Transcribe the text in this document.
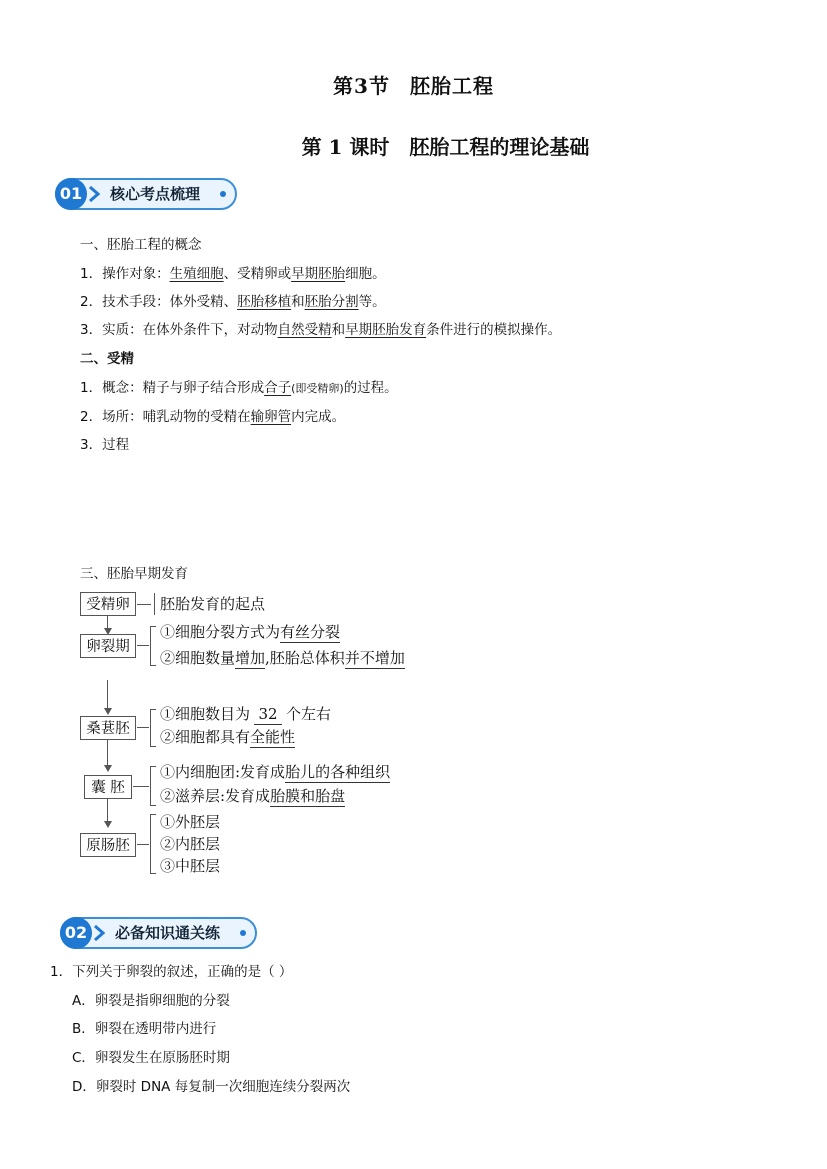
第3节 胚胎工程
第 1 课时 胚胎工程的理论基础
01	核心考点梳理
一、胚胎工程的概念
1．操作对象：生殖细胞、受精卵或早期胚胎细胞。
2．技术手段：体外受精、胚胎移植和胚胎分割等。
3．实质：在体外条件下，对动物自然受精和早期胚胎发育条件进行的模拟操作。
二、受精
1．概念：精子与卵子结合形成合子(即受精卵)的过程。
2．场所：哺乳动物的受精在输卵管内完成。
3．过程
三、胚胎早期发育
受精卵	胚胎发育的起点
卵裂期
①细胞分裂方式为有丝分裂
②细胞数量增加,胚胎总体积并不增加
桑葚胚
①细胞数目为 32 个左右
②细胞都具有全能性
囊 胚
①内细胞团:发育成胎儿的各种组织
②滋养层:发育成胎膜和胎盘
原肠胚
①外胚层
②内胚层
③中胚层
02	必备知识通关练
1．下列关于卵裂的叙述，正确的是（ ）
A．卵裂是指卵细胞的分裂
B．卵裂在透明带内进行
C．卵裂发生在原肠胚时期
D．卵裂时 DNA 每复制一次细胞连续分裂两次
